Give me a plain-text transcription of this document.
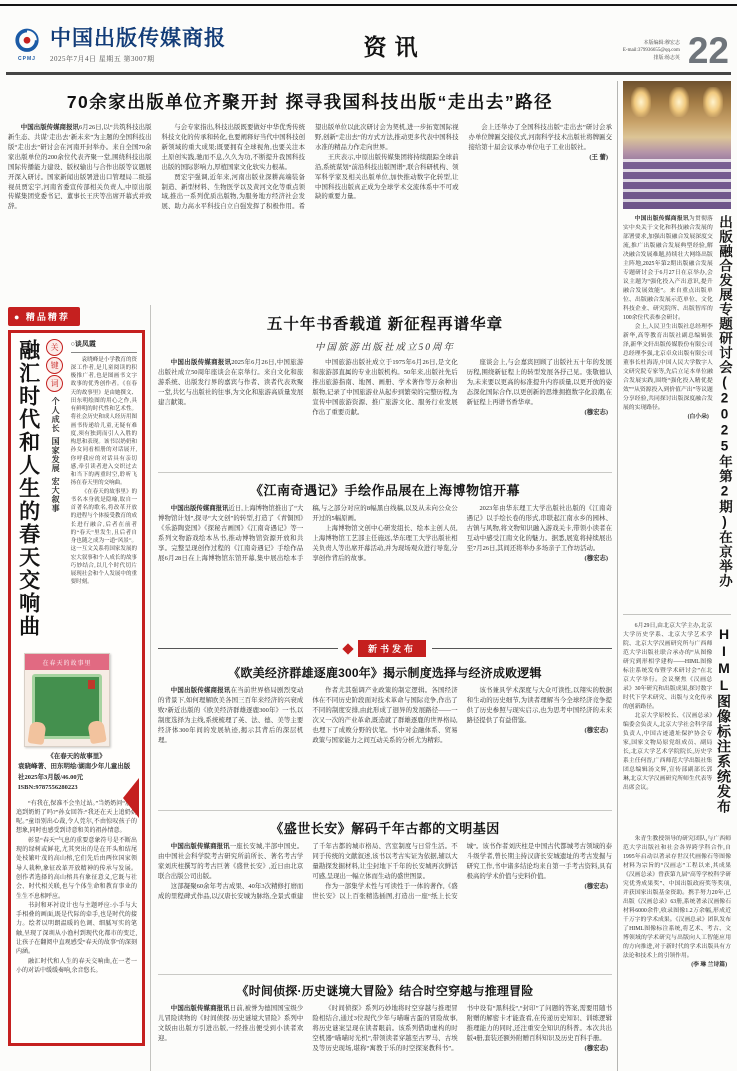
CPMJ
中国出版传媒商报
2025年7月4日 星期五 第3007期	资讯	本版编辑:穆宏志
E-mail:379936655@qq.com
排版:杨志英 22
70余家出版单位齐聚开封 探寻我国科技出版“走出去”路径

中国出版传媒商报讯6月26日,以“共筑科技出版新生态、共谋‘走出去’新未来”为主题的全国科技出版“走出去”研讨会在河南开封举办。来自全国70余家出版单位的200余位代表齐聚一堂,围绕科技出版国际传播能力建设、版权输出与合作出版等议题展开深入研讨。国家新闻出版署进出口管理局二级巡视员贾宏宇,河南省委宣传部相关负责人,中原出版传媒集团党委书记、董事长王庆等出席开幕式并致辞。

与会专家指出,科技出版既要做好中华优秀传统科技文化的传承和转化,也要阐释好当代中国科技创新领域的重大成果;既要拥有全球视角,也要关注本土原创实践,驰而不息,久久为功,不断提升我国科技出版的国际影响力,厚植国家文化软实力根基。

贾宏宇强调,近年来,河南出版业深耕高端装备制造、新型材料、生物医学以及黄河文化等重点领域,推出一系列优质出版物,为服务地方经济社会发展、助力高水平科技自立自强发挥了积极作用。希望出版单位以此次研讨会为契机,进一步拓宽国际视野,创新“走出去”的方式方法,推动更多代表中国科技水准的精品力作走向世界。

王庆表示,中原出版传媒集团将持续跟踪全球前沿,系统谋划“前沿科技出版图谱”,联合科研机构、领军科学家及相关出版单位,加快推动数字化转型,让中国科技出版真正成为全球学术交流体系中不可或缺的重要力量。

会上还举办了全国科技出版“走出去”研讨会承办单位牌匾交接仪式,河南科学技术出版社将牌匾交接给第十届会议承办单位电子工业出版社。

(王 蕾)

● 精品精荐
融汇时代和人生的春天交响曲	关
键
词
个人成长
国家发展
宏大叙事
○谈凤霞

袁晓峰是小学教育的资深工作者,是儿童阅读的积极推广者,也是图画书文字故事的优秀创作者。《在春天的故事里》是由她撰文、田东明绘图的用心之作,具有鲜明的时代性和艺术性。将社会历史和成人经历用图画书传递给儿童,无疑有难度,须有独到而引人入胜的构思和表现。该书以奶奶和孙女同看相册的对话展开,你呼我应的对话具有亲切感,牵引读者进入交织过去和当下的两重时空,聆听飞扬在春天里的交响曲。

《在春天的故事里》的书名本身就是隐喻,取自一首著名的歌名,将改革开放的进程与个体接受教育的成长进行融合,后者在前者的“春天”里发生,且后者自身也随之成为一道“风景”。这一互文关系将国家发展的宏大叙事和个人成长的故事巧妙结合,以几个时代切片展现社会和个人发展中的重要时刻。

在春天的故事里
《在春天的故事里》
袁晓峰著、田东明绘/湖南少年儿童出版社2025年3月版/46.00元
ISBN:9787556280223

“有我在,保准不会坐过站。”当奶奶问“那你追到奶奶了吗?”孙女回答:“我还在天上追奶奶呢。”童语别出心裁,令人莞尔,不由惊叹孩子的想象,同时也感受到诗意和美的祖孙情意。

彰显“春天”气息的重要意象符号是不断出现的绿树或鲜花,尤其突出的是在开头和结尾处枝繁叶茂的高山榕,它们先后由两位国家领导人栽种,象征改革开放精神的传承与发展。创作者选择的高山榕具有象征意义,它既与社会、时代相关联,也与个体生命和教育事业的生生不息相呼应。

书封和环衬设计也与主题呼应:小手与大手相叠的画面,既是代际的牵手,也是时代的接力。绘者以明朗温暖的色调、细腻写实的笔触,呈现了深圳从小渔村到现代化都市的变迁,让孩子在翻阅中直观感受“春天的故事”的深刻内涵。

融汇时代和人生的春天交响曲,在一老一小的对话中缓缓奏响,余音悠长。

五十年书香载道 新征程再谱华章

中国旅游出版社成立50周年

中国出版传媒商报讯2025年6月26日,中国旅游出版社成立50周年座谈会在京举行。来自文化和旅游系统、出版发行界的嘉宾与作者、读者代表欢聚一堂,共忆与出版社的往事,为文化和旅游高质量发展建言献策。

中国旅游出版社成立于1975年6月26日,是文化和旅游部直属的专业出版机构。50年来,出版社先后推出旅游指南、地图、画册、学术著作等万余种出版物,记录了中国旅游业从起步到繁荣的完整历程,为宣传中国旅游资源、推广旅游文化、服务行业发展作出了重要贡献。

座谈会上,与会嘉宾回顾了出版社五十年的发展历程,围绕新征程上的转型发展各抒己见。张敬德认为,未来要以更高的标准提升内容质量,以更开放的姿态深化国际合作,以更创新的思维拥抱数字化浪潮,在新征程上再谱书香华章。

(穆宏志)

《江南奇遇记》手绘作品展在上海博物馆开幕

中国出版传媒商报讯近日,上海博物馆推出了“大博物馆计划”,探寻“大文创”的转型,打造了《青铜国》《乐游陶瓷国》《探秘古画国》《江南奇遇记》等一系列文物游戏绘本丛书,推动博物馆资源开放和共享。完整呈现创作过程的《江南奇遇记》手绘作品展6月28日在上海博物馆东馆开幕,集中展出绘本手稿,与之部分对应的8幅黑白线稿,以及从未向公众公开过的5幅原画。

上海博物馆文创中心研发组长、绘本主创人员,上海博物馆工艺部主任施远,华东理工大学出版社相关负责人等出席开幕活动,并为现场观众进行导览,分享创作背后的故事。

2023年由华东理工大学出版社出版的《江南奇遇记》以手绘长卷的形式,串联起江南水乡的园林、古镇与风物,将文物知识融入游戏关卡,带领小读者在互动中感受江南文化的魅力。据悉,展览将持续展出至7月26日,其间还将举办多场亲子工作坊活动。

(穆宏志)

新书发布
《欧美经济群雄逐鹿300年》揭示制度选择与经济成败逻辑

中国出版传媒商报讯在当前世界格局剧烈变动的背景下,如何理解欧美各国三百年来经济的兴衰成败?新近出版的《欧美经济群雄逐鹿300年》一书,以制度选择为主线,系统梳理了英、法、德、美等主要经济体300年间的发展轨迹,揭示其背后的深层机理。

作者尤其强调产业政策的制定逻辑。各国经济体在不同历史阶段面对技术革命与国际竞争,作出了不同的制度安排,由此形成了迥异的发展路径——一次又一次的产业革命,既造就了群雄逐鹿的世界格局,也埋下了成败分野的伏笔。书中对金融体系、贸易政策与国家能力之间互动关系的分析尤为精彩。

该书兼具学术深度与大众可读性,以翔实的数据和生动的历史细节,为读者理解当今全球经济竞争提供了历史参照与现实启示,也为思考中国经济的未来路径提供了有益借鉴。

(穆宏志)

《盛世长安》解码千年古都的文明基因

中国出版传媒商报讯一座长安城,半部中国史。由中国社会科学院考古研究所前所长、著名考古学家刘庆柱撰写的考古巨著《盛世长安》,近日由北京联合出版公司出版。

这部凝聚60余年考古成果、40年3次精修打磨而成的里程碑式作品,以汉唐长安城为脉络,全景式重建了千年古都的城市格局、宫室制度与日常生活。不同于传统的文献叙述,该书以考古实证为依据,辅以大量勘探发掘材料,让尘封地下千年的长安城再次鲜活可感,呈现出一幅立体而生动的盛世图景。

作为一部集学术性与可读性于一体的著作,《盛世长安》以上百张精选插图,打造出一座“纸上长安城”。该书作者刘庆柱是中国古代都城考古领域的泰斗级学者,曾长期主持汉唐长安城遗址的考古发掘与研究工作,书中诸多结论均来自第一手考古资料,具有极高的学术价值与史料价值。

(穆宏志)

《时间侦探·历史谜境大冒险》结合时空穿越与推理冒险

中国出版传媒商报讯日前,被誉为德国国宝级少儿冒险读物的《时间侦探·历史谜境大冒险》系列中文版由出版方引进出版,一经推出便受到小读者欢迎。

《时间侦探》系列巧妙地将时空穿越与推理冒险相结合,通过3位现代少年与喵喵古蛋的冒险故事,将历史谜案呈现在读者眼前。该系列借助虚构的时空机器“喵喵时光机”,带领读者穿越至古罗马、古埃及等历史现场,堪称“寓教于乐的时空探案教科书”。书中设有“黑科技”,“封印”了问题的答案,需要用随书附赠的解密卡才能查看,在传递历史知识、训练逻辑推理能力的同时,还注重安全知识的科普。本次共出版4册,套装还额外附赠百科知识及历史百科手册。

(穆宏志)

中国出版传媒商报讯为贯彻落实中央关于文化和科技融合发展的部署要求,加强出版融合发展深度交流,推广出版融合发展典型经验,解决融合发展难题,持续壮大网络出版主阵地,2025年第2期出版融合发展专题研讨会于6月27日在京举办,会议主题为“强化投入产出意识,提升融合发展效能”。来自重点出版单位、出版融合发展示范单位、文化科技企业、研究院所、出版智库的100余位代表参会研讨。

会上,人民卫生出版社总经理李新华,高等教育出版社副总编辑张泽,新华文轩出版传媒股份有限公司总经理李强,北京卓众出版有限公司董事长杜海涛,中国人民大学数字人文研究院专家等,先后立足本单位融合发展实践,围绕“强化投入精优提效”“从资源投入到价值产出”等议题分享经验,共同探讨出版深度融合发展的实现路径。

(白小朵) 出版融合发展专题研讨会(2025年第2期)在京举办

6月29日,由北京大学主办,北京大学历史学系、北京大学艺术学院、北京大学汉画研究所与广西师范大学出版社联合承办的“从图像研究到形相学建构——HIML图像标注系统发布暨学术研讨会”在北京大学举行。会议聚焦《汉画总录》30年研究和出版成果,探讨数字时代下学术研究、出版与文化传承的创新路径。

北京大学原校长、《汉画总录》编委会负责人,北京大学社会科学部负责人,中国古迹遗址保护协会专家,国家文物局原党组成员、副局长,北京大学艺术学院院长,历史学系主任何晋,广西师范大学出版社集团总编辑汤文辉,宣传部副部长郭琳,北京大学汉画研究所师生代表等出席会议。	HIML图像标注系统发布

朱青生教授领导的研究团队,与广西师范大学出版社和社会各界跨学科合作,自1995年启动以著录存世汉代画像石等图像材料为宗旨的“汉画志”工程以来,其成果《汉画总录》曾获第九届“高等学校科学研究优秀成果奖”、中国出版政府奖等奖项,并获国家出版基金资助。携手努力20年,已出版《汉画总录》63册,系统著录汉画像石材料6000余件,收录图像1.2万余幅,形成近千万字的学术成果。《汉画总录》团队发布了HIML图像标注系统,将艺术、考古、文博领域的学术研究与出版向人工智能应用的方向推进,对于新时代的学术出版具有方法论和技术上的引领作用。

(李 琳 兰诗篇)
